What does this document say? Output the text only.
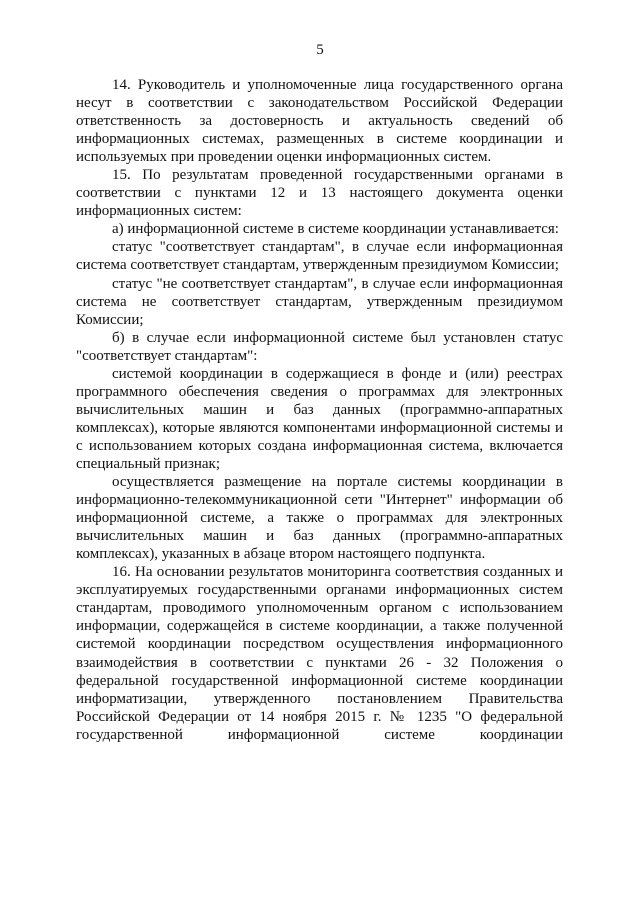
5

14. Руководитель и уполномоченные лица государственного органа несут в соответствии с законодательством Российской Федерации ответственность за достоверность и актуальность сведений об информационных системах, размещенных в системе координации и используемых при проведении оценки информационных систем.

15. По результатам проведенной государственными органами в соответствии с пунктами 12 и 13 настоящего документа оценки информационных систем:

а) информационной системе в системе координации устанавливается:

статус "соответствует стандартам", в случае если информационная система соответствует стандартам, утвержденным президиумом Комиссии;

статус "не соответствует стандартам", в случае если информационная система не соответствует стандартам, утвержденным президиумом Комиссии;

б) в случае если информационной системе был установлен статус "соответствует стандартам":

системой координации в содержащиеся в фонде и (или) реестрах программного обеспечения сведения о программах для электронных вычислительных машин и баз данных (программно-аппаратных комплексах), которые являются компонентами информационной системы и с использованием которых создана информационная система, включается специальный признак;

осуществляется размещение на портале системы координации в информационно-телекоммуникационной сети "Интернет" информации об информационной системе, а также о программах для электронных вычислительных машин и баз данных (программно-аппаратных комплексах), указанных в абзаце втором настоящего подпункта.

16. На основании результатов мониторинга соответствия созданных и эксплуатируемых государственными органами информационных систем стандартам, проводимого уполномоченным органом с использованием информации, содержащейся в системе координации, а также полученной системой координации посредством осуществления информационного взаимодействия в соответствии с пунктами 26 - 32 Положения о федеральной государственной информационной системе координации информатизации, утвержденного постановлением Правительства Российской Федерации от 14 ноября 2015 г. № 1235 "О федеральной государственной информационной системе координации
